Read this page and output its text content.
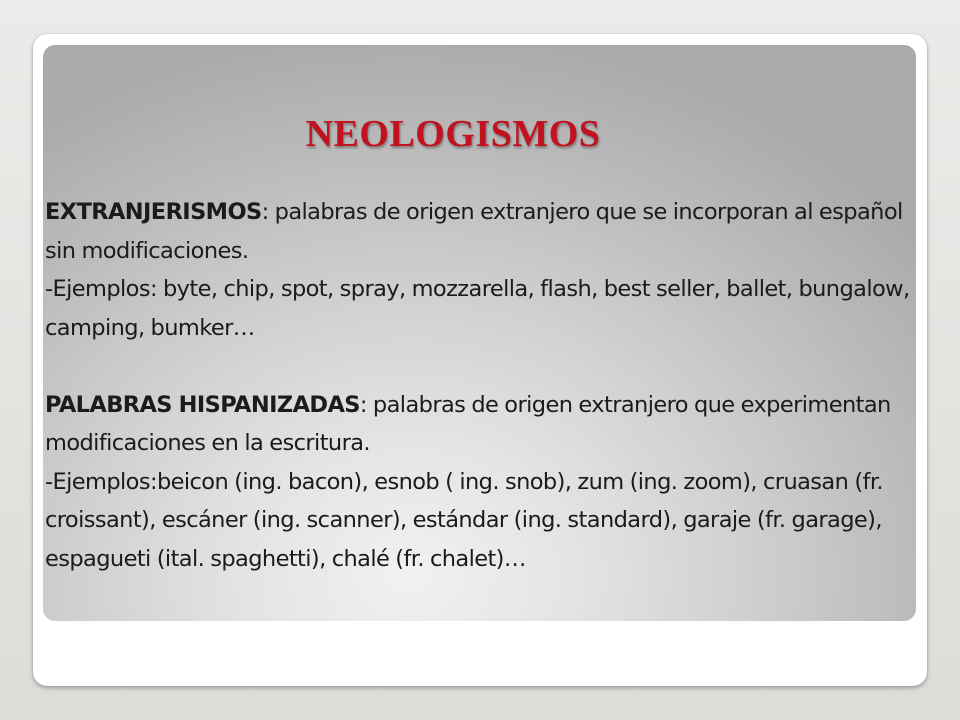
NEOLOGISMOS

EXTRANJERISMOS: palabras de origen extranjero que se incorporan al español sin modificaciones.

-Ejemplos: byte, chip, spot, spray, mozzarella, flash, best seller, ballet, bungalow, camping, bumker…

PALABRAS HISPANIZADAS: palabras de origen extranjero que experimentan modificaciones en la escritura.

-Ejemplos:beicon (ing. bacon), esnob ( ing. snob), zum (ing. zoom), cruasan (fr. croissant), escáner (ing. scanner), estándar (ing. standard), garaje (fr. garage), espagueti (ital. spaghetti), chalé (fr. chalet)…
